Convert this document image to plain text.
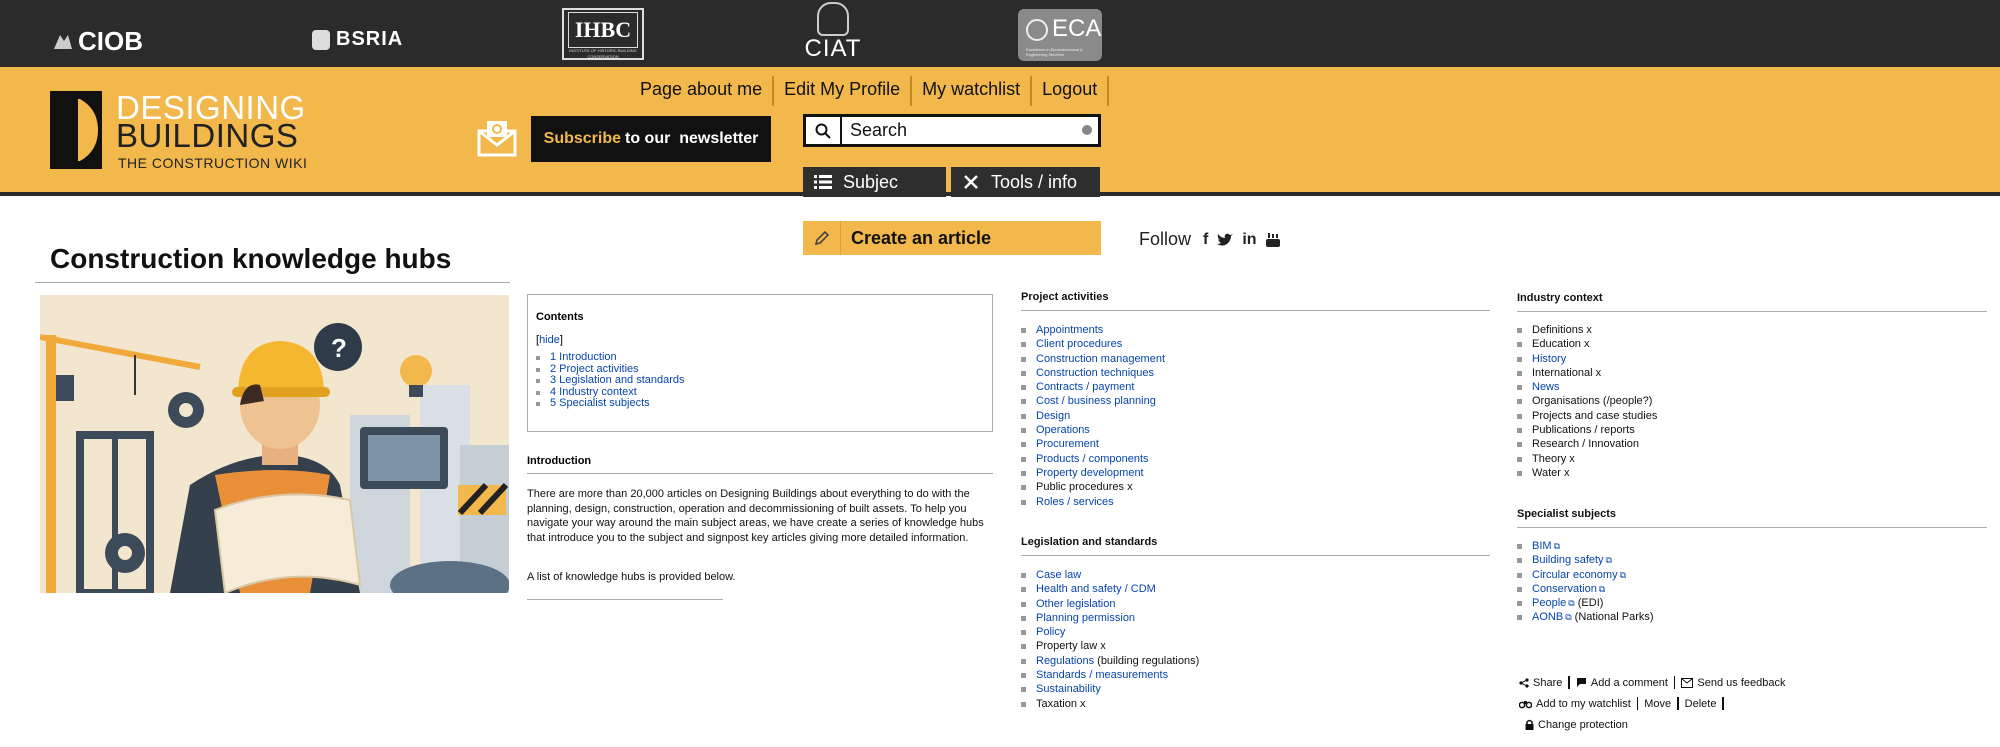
CIOB	BSRIA	IHBC
INSTITUTE OF HISTORIC BUILDING CONSERVATION	CIAT
ECA
Excellence in Electrotechnical & Engineering Services
DESIGNING
BUILDINGS
THE CONSTRUCTION WIKI
Page about me	Edit My Profile	My watchlist	Logout
Subscribe to our  newsletter
Search
Subjec	Tools / info
Create an article	Follow f in
Construction knowledge hubs
?
Contents
[hide]
1 Introduction
2 Project activities
3 Legislation and standards
4 Industry context
5 Specialist subjects
Introduction

There are more than 20,000 articles on Designing Buildings about everything to do with the planning, design, construction, operation and decommissioning of built assets. To help you navigate your way around the main subject areas, we have create a series of knowledge hubs that introduce you to the subject and signpost key articles giving more detailed information.

A list of knowledge hubs is provided below.

Project activities
Appointments
Client procedures
Construction management
Construction techniques
Contracts / payment
Cost / business planning
Design
Operations
Procurement
Products / components
Property development
Public procedures x
Roles / services
Legislation and standards
Case law
Health and safety / CDM
Other legislation
Planning permission
Policy
Property law x
Regulations (building regulations)
Standards / measurements
Sustainability
Taxation x
Industry context
Definitions x
Education x
History
International x
News
Organisations (/people?)
Projects and case studies
Publications / reports
Research / Innovation
Theory x
Water x
Specialist subjects
BIM ⧉
Building safety ⧉
Circular economy ⧉
Conservation ⧉
People ⧉ (EDI)
AONB ⧉ (National Parks)
Share	Add a comment	Send us feedback
Add to my watchlist Move Delete
Change protection
